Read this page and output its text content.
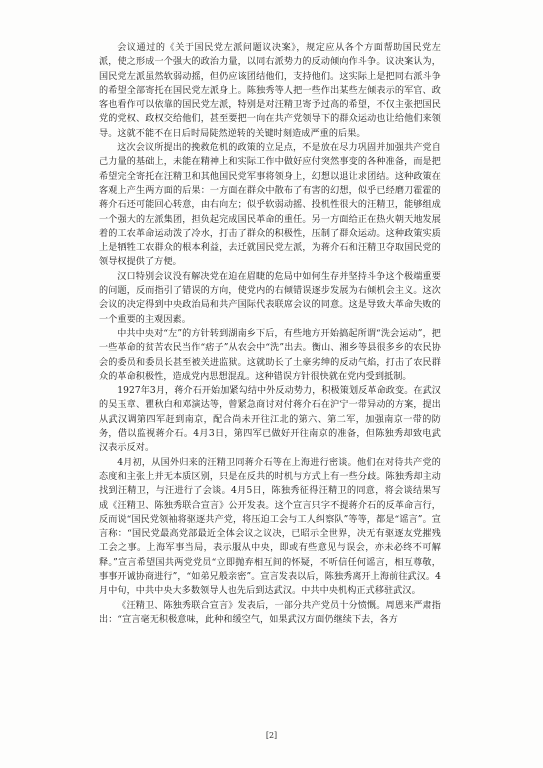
会议通过的《关于国民党左派问题议决案》，规定应从各个方面帮助国民党左派，使之形成一个强大的政治力量，以同右派势力的反动倾向作斗争。议决案认为，国民党左派虽然软弱动摇，但仍应该团结他们，支持他们。这实际上是把同右派斗争的希望全部寄托在国民党左派身上。陈独秀等人把一些作出某些左倾表示的军官、政客也看作可以依靠的国民党左派，特别是对汪精卫寄予过高的希望，不仅主张把国民党的党权、政权交给他们，甚至要把一向在共产党领导下的群众运动也让给他们来领导。这就不能不在日后时局陡然逆转的关键时刻造成严重的后果。

这次会议所提出的挽救危机的政策的立足点，不是放在尽力巩固并加强共产党自己力量的基础上，未能在精神上和实际工作中做好应付突然事变的各种准备，而是把希望完全寄托在汪精卫和其他国民党军事将领身上，幻想以退让求团结。这种政策在客观上产生两方面的后果：一方面在群众中散布了有害的幻想，似乎已经磨刀霍霍的蒋介石还可能回心转意，由右向左；似乎软弱动摇、投机性很大的汪精卫，能够组成一个强大的左派集团，担负起完成国民革命的重任。另一方面给正在热火朝天地发展着的工农革命运动泼了冷水，打击了群众的积极性，压制了群众运动。这种政策实质上是牺牲工农群众的根本利益，去迁就国民党左派，为蒋介石和汪精卫夺取国民党的领导权提供了方便。

汉口特别会议没有解决党在迫在眉睫的危局中如何生存并坚持斗争这个极端重要的问题，反而指引了错误的方向，使党内的右倾错误逐步发展为右倾机会主义。这次会议的决定得到中央政治局和共产国际代表联席会议的同意。这是导致大革命失败的一个重要的主观因素。

中共中央对“左”的方针转到湖南乡下后，有些地方开始搞起所谓“洗会运动”，把一些革命的贫苦农民当作“痞子”从农会中“洗”出去。衡山、湘乡等县很多乡的农民协会的委员和委员长甚至被关进监狱。这就助长了土豪劣绅的反动气焰，打击了农民群众的革命积极性，造成党内思想混乱。这种错误方针很快就在党内受到抵制。

1927年3月，蒋介石开始加紧勾结中外反动势力，积极策划反革命政变。在武汉的吴玉章、瞿秋白和邓演达等，曾紧急商讨对付蒋介石在沪宁一带异动的方案，提出从武汉调第四军赶到南京，配合尚未开往江北的第六、第二军，加强南京一带的防务，借以监视蒋介石。4月3日，第四军已做好开往南京的准备，但陈独秀却致电武汉表示反对。

4月初，从国外归来的汪精卫同蒋介石等在上海进行密谈。他们在对待共产党的态度和主张上并无本质区别，只是在反共的时机与方式上有一些分歧。陈独秀却主动找到汪精卫，与汪进行了会谈。4月5日，陈独秀征得汪精卫的同意，将会谈结果写成《汪精卫、陈独秀联合宣言》公开发表。这个宣言只字不提蒋介石的反革命言行，反而说“国民党领袖将驱逐共产党，将压迫工会与工人纠察队”等等，都是“谣言”。宣言称：“国民党最高党部最近全体会议之议决，已昭示全世界，决无有驱逐友党摧残工会之事。上海军事当局，表示服从中央，即或有些意见与误会，亦未必终不可解释。”宣言希望国共两党党员“立即抛弃相互间的怀疑，不听信任何谣言，相互尊敬，事事开诚协商进行”，“如弟兄般亲密”。宣言发表以后，陈独秀离开上海前往武汉。4月中旬，中共中央大多数领导人也先后到达武汉。中共中央机构正式移驻武汉。

《汪精卫、陈独秀联合宣言》发表后，一部分共产党员十分愤慨。周恩来严肃指出：“宣言毫无积极意味，此种和缓空气，如果武汉方面仍继续下去，各方

[2]
